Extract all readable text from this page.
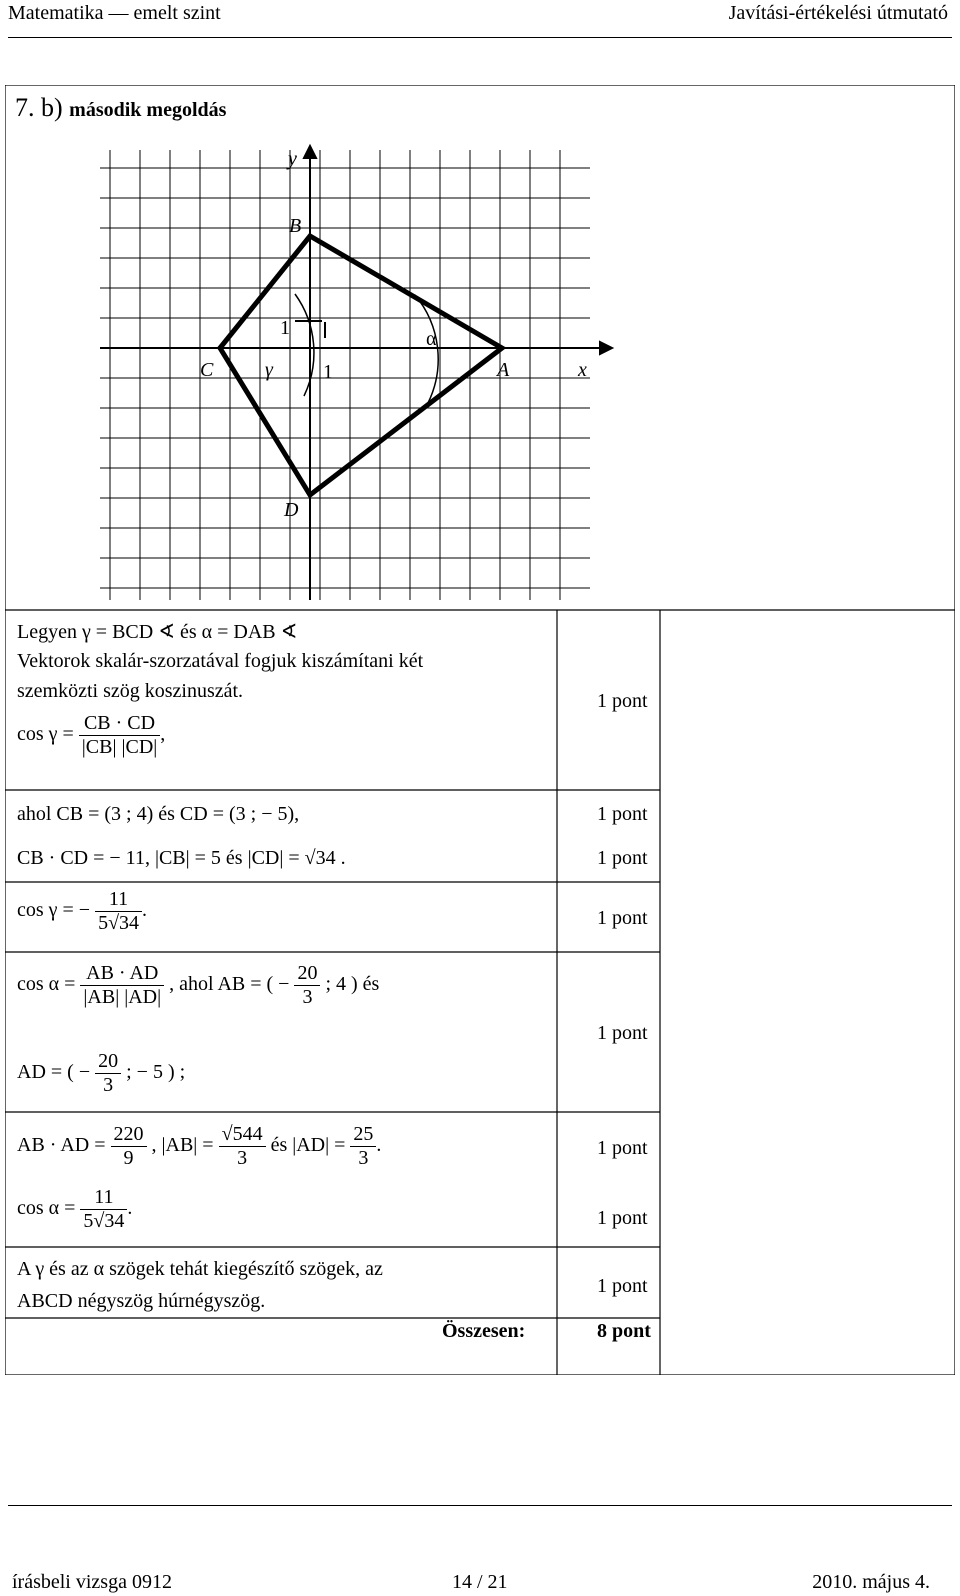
Matematika — emelt szint	Javítási-értékelési útmutató
7. b) második megoldás
y
x
B
C	A
D
γ
α
1
1
Legyen γ = BCD ∢ és α = DAB ∢
Vektorok skalár-szorzatával fogjuk kiszámítani két
szemközti szög koszinuszát.
$\cos \gamma = \frac{CB \cdot CD}{|CB| |CD|}$ ,
1 pont
ahol CB = (3 ; 4) és CD = (3 ; − 5),	1 pont
CB · CD = − 11, |CB| = 5 és |CD| = √34 .	1 pont
cos γ = − $\frac{11}{5√34}$ .	1 pont
$\cos \alpha = \frac{AB \cdot AD}{|AB| |AD|}$ , ahol AB = ( − $\frac{20}{3}$ ; 4 ) és
AD = ( − $\frac{20}{3}$ ; − 5 ) ;
1 pont
AB · AD = $\frac{220}{9}$ , $|AB| = \frac{√544}{3}$ és $|AD| = \frac{25}{3}$ .	1 pont
$\cos \alpha = \frac{11}{5√34}$ .	1 pont
A γ és az α szögek tehát kiegészítő szögek, az
ABCD négyszög húrnégyszög.
1 pont
Összesen:	8 pont
írásbeli vizsga 0912	14 / 21	2010. május 4.
